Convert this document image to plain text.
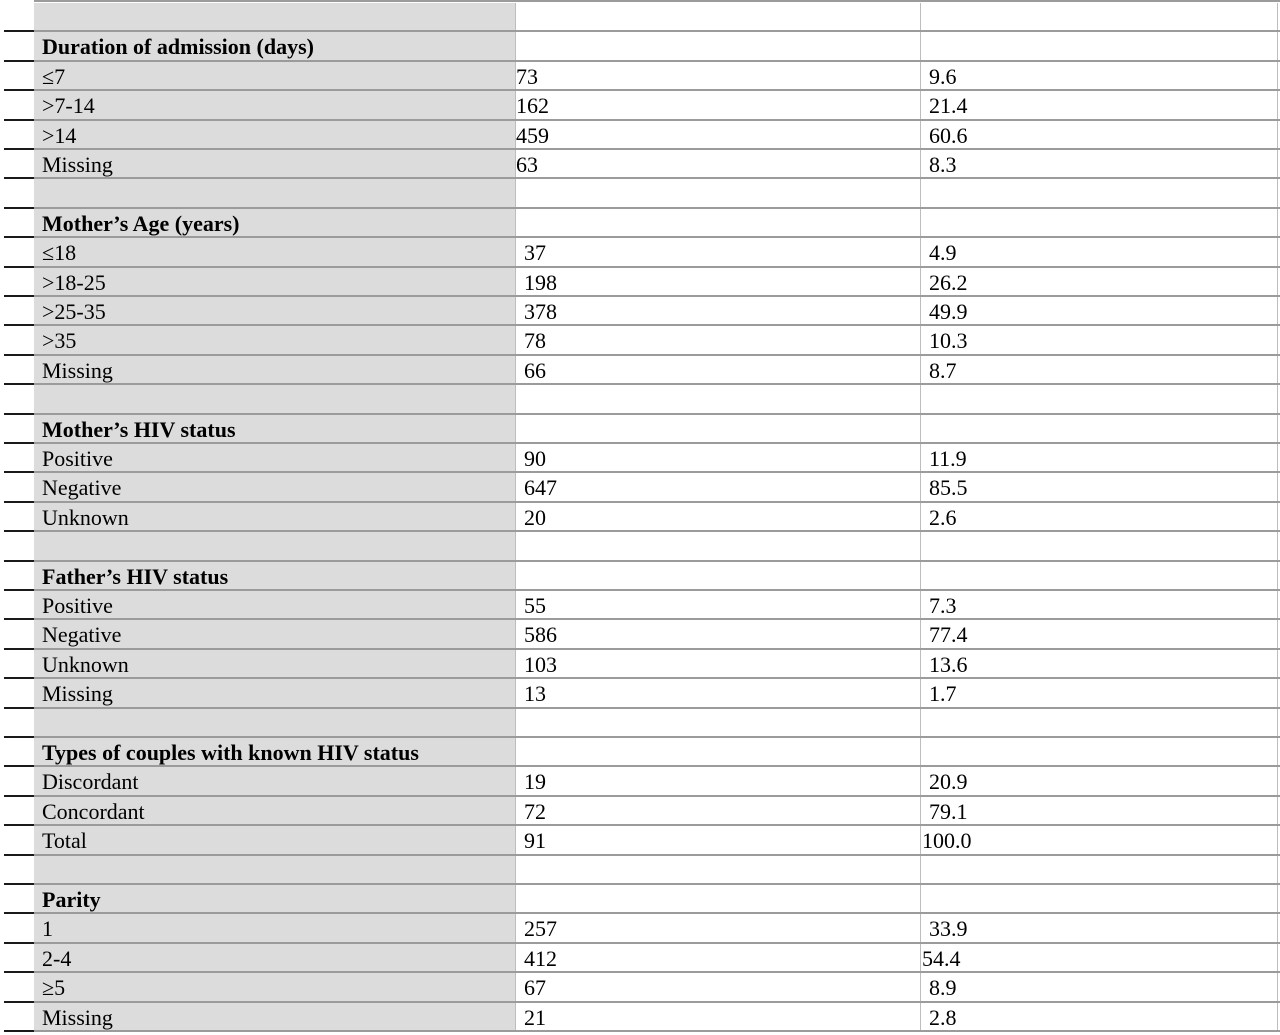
Duration of admission (days)
≤7	73	9.6
>7-14	162	21.4
>14	459	60.6
Missing	63	8.3
Mother’s Age (years)
≤18	37	4.9
>18-25	198	26.2
>25-35	378	49.9
>35	78	10.3
Missing	66	8.7
Mother’s HIV status
Positive	90	11.9
Negative	647	85.5
Unknown	20	2.6
Father’s HIV status
Positive	55	7.3
Negative	586	77.4
Unknown	103	13.6
Missing	13	1.7
Types of couples with known HIV status
Discordant	19	20.9
Concordant	72	79.1
Total	91	100.0
Parity
1	257	33.9
2-4	412	54.4
≥5	67	8.9
Missing	21	2.8
